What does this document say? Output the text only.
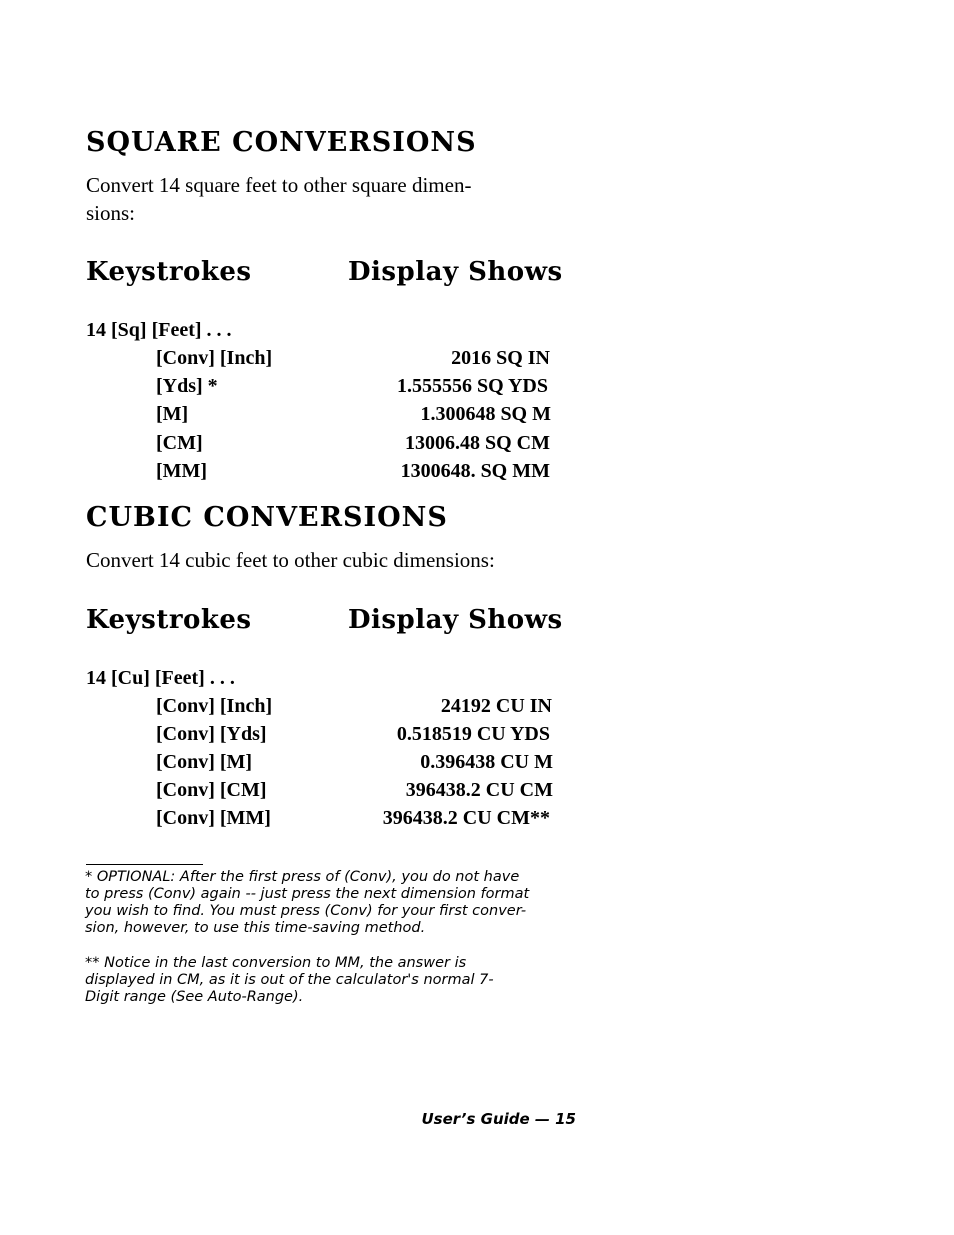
SQUARE CONVERSIONS
Convert 14 square feet to other square dimen-
sions:
Keystrokes	Display Shows
14 [Sq] [Feet] . . .
[Conv] [Inch]	2016 SQ IN
[Yds] *	1.555556 SQ YDS
[M]	1.300648 SQ M
[CM]	13006.48 SQ CM
[MM]	1300648. SQ MM
CUBIC CONVERSIONS
Convert 14 cubic feet to other cubic dimensions:
Keystrokes	Display Shows
14 [Cu] [Feet] . . .
[Conv] [Inch]	24192 CU IN
[Conv] [Yds]	0.518519 CU YDS
[Conv] [M]	0.396438 CU M
[Conv] [CM]	396438.2 CU CM
[Conv] [MM]	396438.2 CU CM**
* OPTIONAL: After the first press of (Conv), you do not have
to press (Conv) again -- just press the next dimension format
you wish to find. You must press (Conv) for your first conver-
sion, however, to use this time-saving method.
** Notice in the last conversion to MM, the answer is
displayed in CM, as it is out of the calculator's normal 7-
Digit range (See Auto-Range).
User’s Guide — 15
